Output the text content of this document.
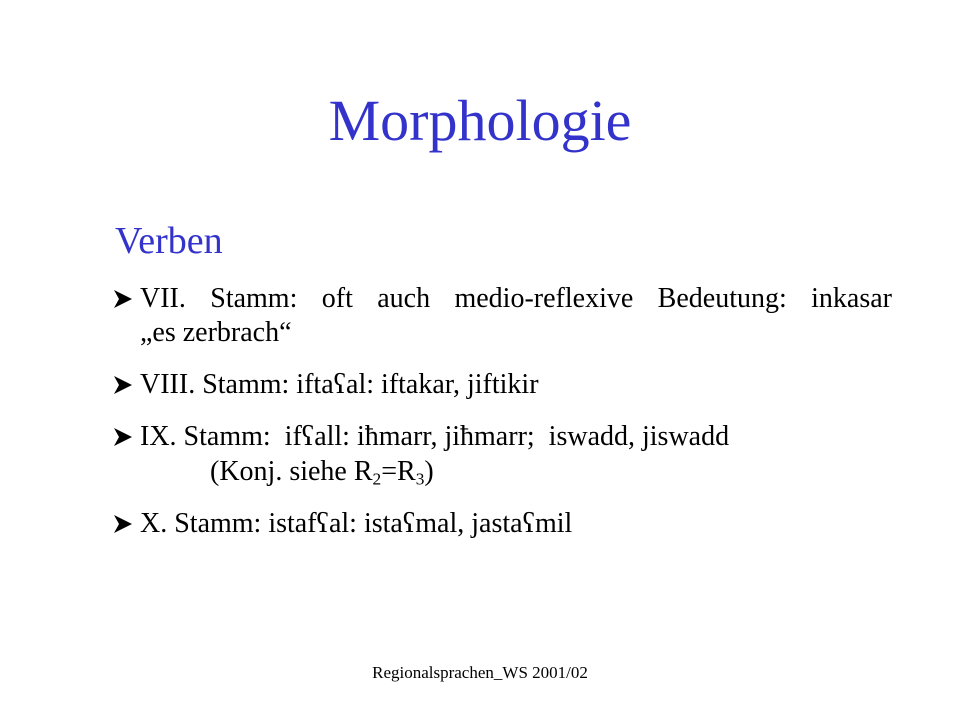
Morphologie
Verben
VII. Stamm: oft auch medio-reflexive Bedeutung: inkasar
„es zerbrach“
VIII. Stamm: iftaʕal: iftakar, jiftikir
IX. Stamm:  ifʕall: iħmarr, jiħmarr;  iswadd, jiswadd
(Konj. siehe $R_2=R_3$)
X. Stamm: istafʕal: istaʕmal, jastaʕmil
Regionalsprachen_WS 2001/02
